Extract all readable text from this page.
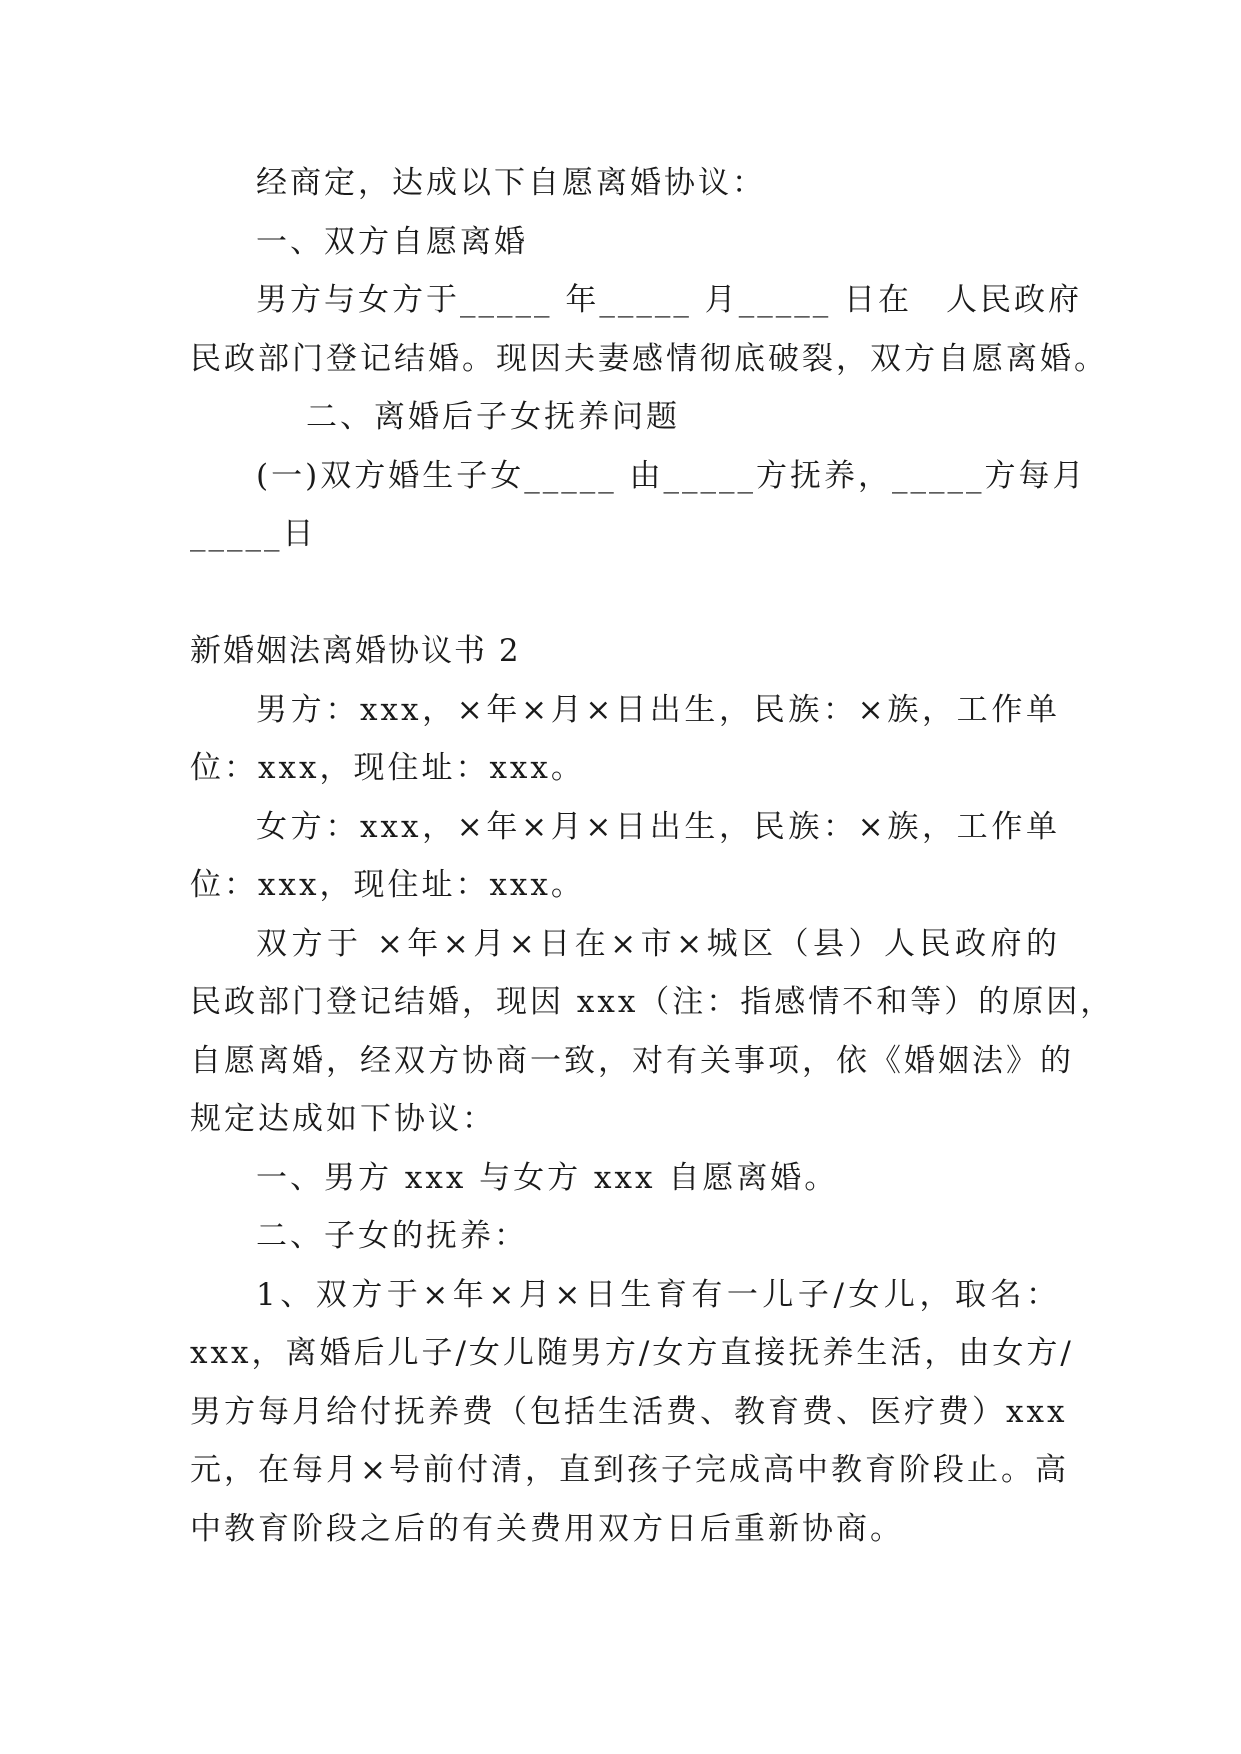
经商定，达成以下自愿离婚协议：

一、双方自愿离婚

男方与女方于_____ 年_____ 月_____ 日在　人民政府

民政部门登记结婚。现因夫妻感情彻底破裂，双方自愿离婚。

二、离婚后子女抚养问题

(一)双方婚生子女_____ 由_____方抚养，_____方每月

_____日

新婚姻法离婚协议书 2

男方：xxx，×年×月×日出生，民族：×族，工作单

位：xxx，现住址：xxx。

女方：xxx，×年×月×日出生，民族：×族，工作单

位：xxx，现住址：xxx。

双方于 ×年×月×日在×市×城区（县）人民政府的

民政部门登记结婚，现因 xxx（注：指感情不和等）的原因，

自愿离婚，经双方协商一致，对有关事项，依《婚姻法》的

规定达成如下协议：

一、男方 xxx 与女方 xxx 自愿离婚。

二、子女的抚养：

1、双方于×年×月×日生育有一儿子/女儿，取名：

xxx，离婚后儿子/女儿随男方/女方直接抚养生活，由女方/

男方每月给付抚养费（包括生活费、教育费、医疗费）xxx

元，在每月×号前付清，直到孩子完成高中教育阶段止。高

中教育阶段之后的有关费用双方日后重新协商。
